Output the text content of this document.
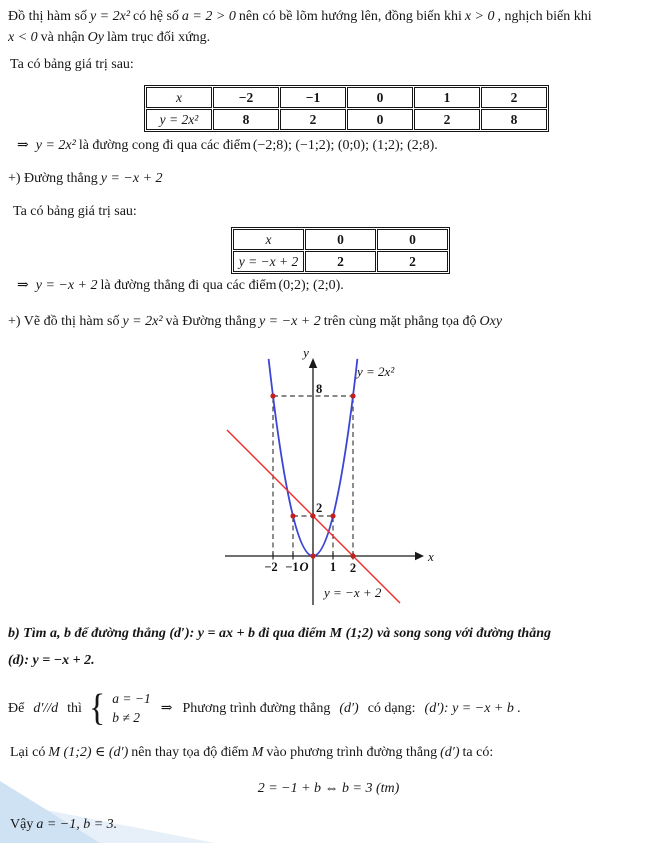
Đồ thị hàm số y = 2x² có hệ số a = 2 > 0 nên có bề lõm hướng lên, đồng biến khi x > 0 , nghịch biến khi
x < 0 và nhận Oy làm trục đối xứng.
Ta có bảng giá trị sau:
x	−2	−1	0	1	2
y = 2x²	8	2	0	2	8
⇒ y = 2x² là đường cong đi qua các điểm (−2;8); (−1;2); (0;0); (1;2); (2;8).
+) Đường thẳng y = −x + 2
Ta có bảng giá trị sau:
x	0	0
y = −x + 2	2	2
⇒ y = −x + 2 là đường thẳng đi qua các điểm (0;2); (2;0).
+) Vẽ đồ thị hàm số y = 2x² và Đường thẳng y = −x + 2 trên cùng mặt phẳng tọa độ Oxy
y
x
y = 2x²
y = −x + 2
8
2
−2 −1 O 1 2
b) Tìm a, b để đường thẳng (d′): y = ax + b đi qua điểm M (1;2) và song song với đường thẳng
(d): y = −x + 2.
Để d′//d thì { a = −1
b ≠ 2
⇒ Phương trình đường thẳng (d′) có dạng: (d′): y = −x + b .
Lại có M (1;2) ∈ (d′) nên thay tọa độ điểm M vào phương trình đường thẳng (d′) ta có:
2 = −1 + b ⇔ b = 3 (tm)
Vậy a = −1, b = 3.
